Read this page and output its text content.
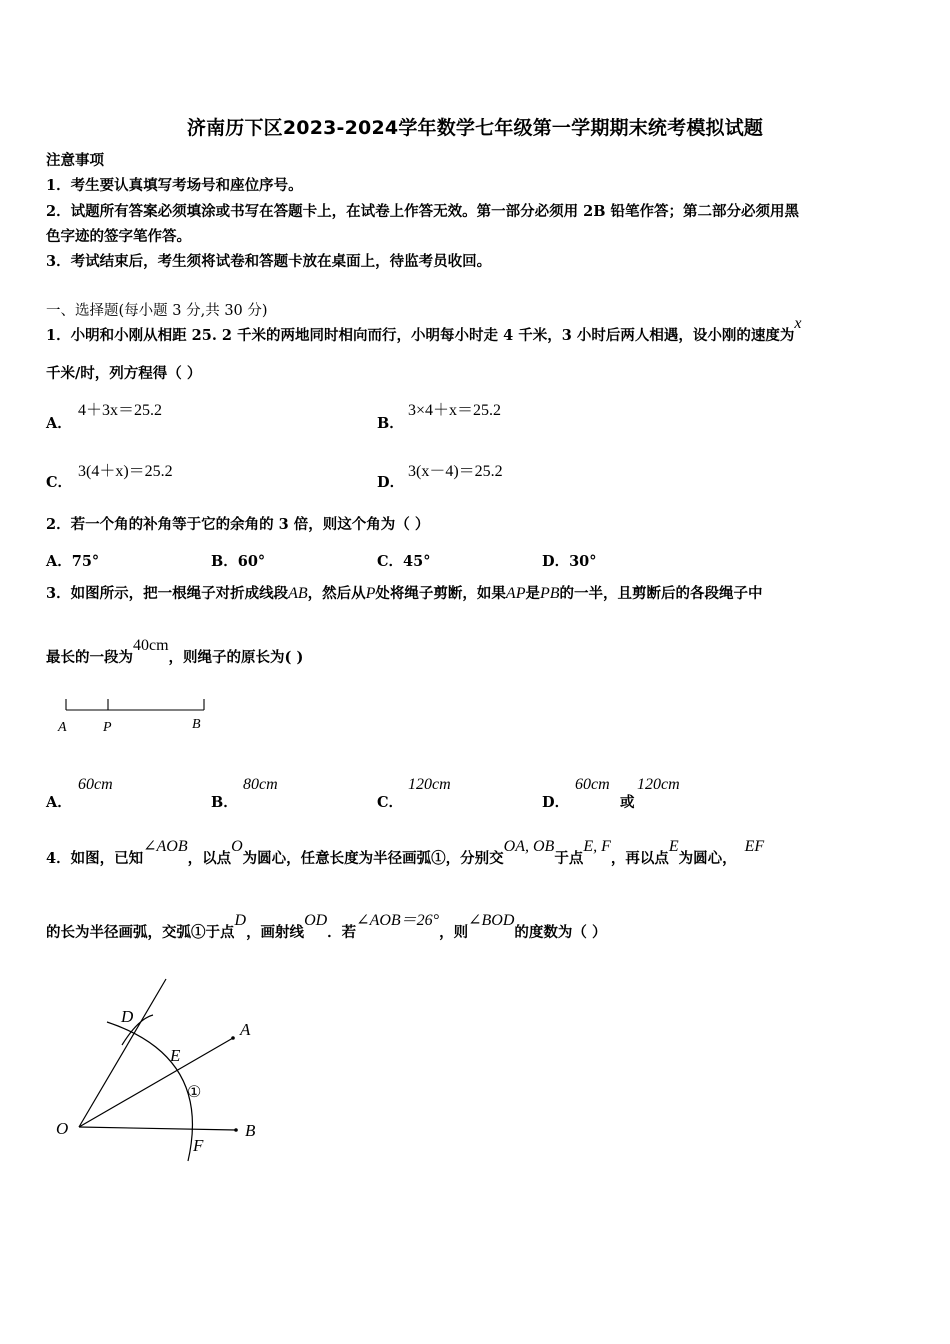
济南历下区2023-2024学年数学七年级第一学期期末统考模拟试题
注意事项
1．考生要认真填写考场号和座位序号。
2．试题所有答案必须填涂或书写在答题卡上，在试卷上作答无效。第一部分必须用 2B 铅笔作答；第二部分必须用黑
色字迹的签字笔作答。
3．考试结束后，考生须将试卷和答题卡放在桌面上，待监考员收回。
一、选择题(每小题 3 分,共 30 分)
1．小明和小刚从相距 25. 2 千米的两地同时相向而行，小明每小时走 4 千米，3 小时后两人相遇，设小刚的速度为x
千米/时，列方程得（ ）
A．
4＋3x＝25.2
B．
3×4＋x＝25.2
C．
3(4＋x)＝25.2
D．
3(x－4)＝25.2
2．若一个角的补角等于它的余角的 3 倍，则这个角为（ ）
A．75°	B．60°	C．45°	D．30°
3．如图所示，把一根绳子对折成线段AB，然后从P处将绳子剪断，如果AP是PB的一半，且剪断后的各段绳子中
最长的一段为40cm，则绳子的原长为( )
A	P	B
A．
60cm
B．
80cm
C．
120cm
D．
60cm
或
120cm
4．如图，已知∠AOB，以点O为圆心，任意长度为半径画弧①，分别交OA, OB于点E, F，再以点E为圆心，EF
的长为半径画弧，交弧①于点D，画射线OD．若∠AOB＝26°，则∠BOD的度数为（ ）
O
A
B
D
E
F
①
